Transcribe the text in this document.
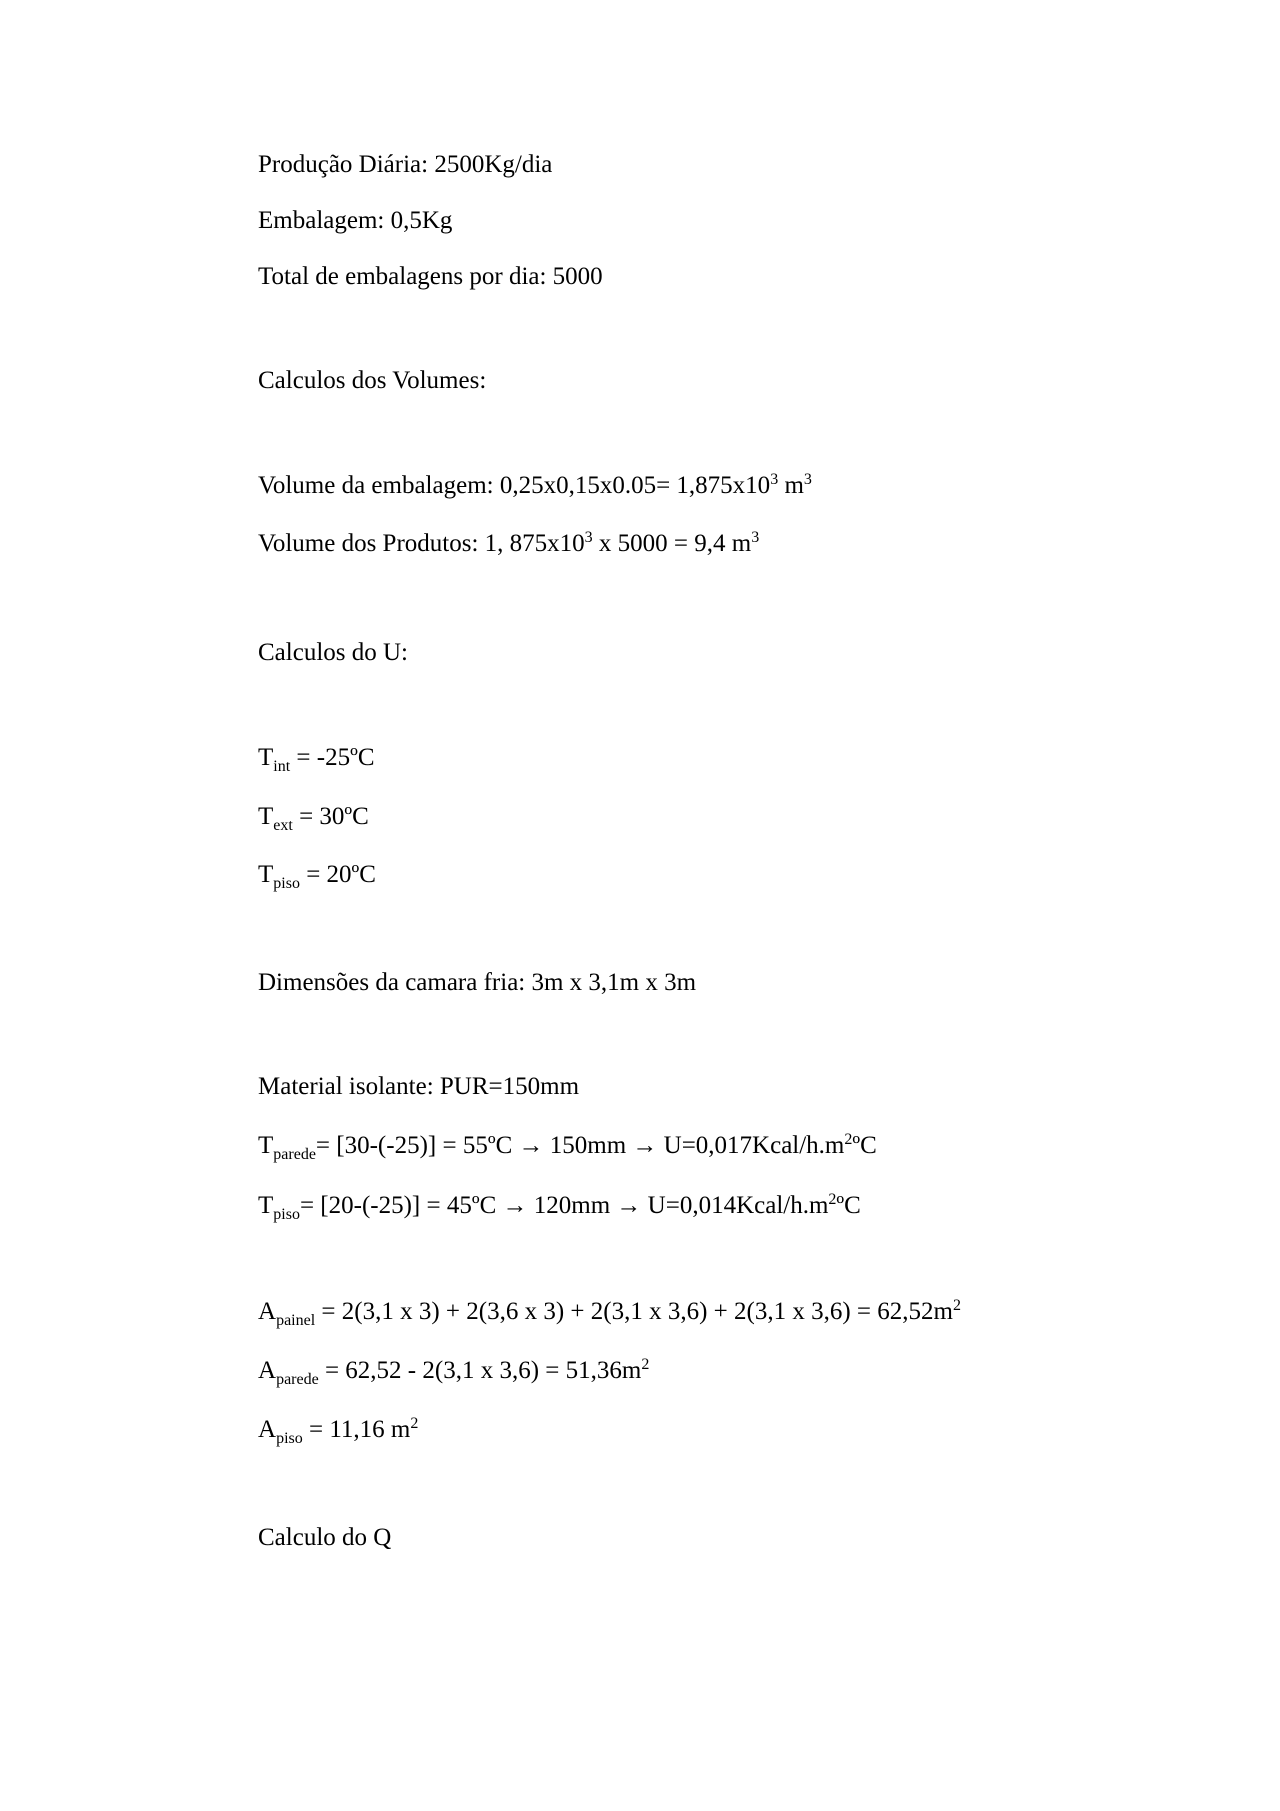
Produção Diária: 2500Kg/dia
Embalagem: 0,5Kg
Total de embalagens por dia: 5000
Calculos dos Volumes:
Volume da embalagem: $0,25x0,15x0.05= 1,875x10^3$ $m^3$
Volume dos Produtos: 1, $875x10^3$ x 5000 = 9,4 $m^3$
Calculos do U:
$T_{int}$ = -25ºC
$T_{ext}$ = 30ºC
$T_{piso}$ = 20ºC
Dimensões da camara fria: 3m x 3,1m x 3m
Material isolante: PUR=150mm
$T_{parede}= [30-(-25)]$ = 55ºC → $150mm \to U=0,017Kcal/h.m^2ºC$
$T_{piso}= [20-(-25)]$ = 45ºC → $120mm \to U=0,014Kcal/h.m^2ºC$
$A_{painel} = 2(3,1$ x 3) + 2(3,6 x 3) + 2(3,1 x 3,6) + 2(3,1 x $3,6) = 62,52m^2$
$A_{parede} = 62,52 - 2(3,1$ x $3,6) = 51,36m^2$
$A_{piso} = 11,16$ $m^2$
Calculo do Q
